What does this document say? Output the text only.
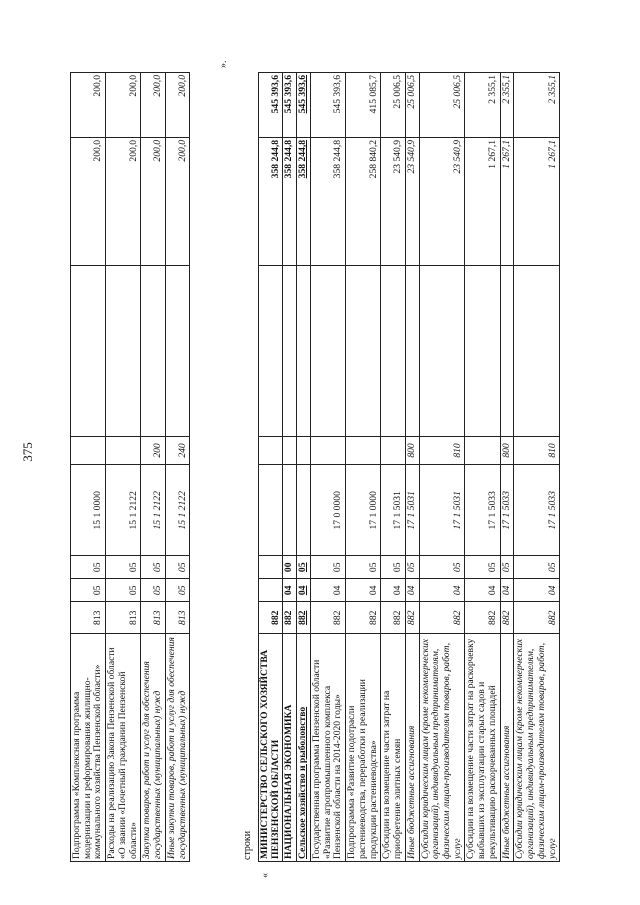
375
Подпрограмма «Комплексная программа модернизации и реформирования жилищно-коммунального хозяйства Пензенской области»	813	05	05	15 1 0000			200,0	200,0
Расходы на реализацию Закона Пензенской области «О звании «Почетный гражданин Пензенской области»	813	05	05	15 1 2122			200,0	200,0
Закупка товаров, работ и услуг для обеспечения государственных (муниципальных) нужд	813	05	05	15 1 2122	200		200,0	200,0
Иные закупки товаров, работ и услуг для обеспечения государственных (муниципальных) нужд	813	05	05	15 1 2122	240		200,0	200,0
».
строки
«
МИНИСТЕРСТВО СЕЛЬСКОГО ХОЗЯЙСТВА ПЕНЗЕНСКОЙ ОБЛАСТИ	882						358 244,8	545 393,6
НАЦИОНАЛЬНАЯ ЭКОНОМИКА	882	04	00				358 244,8	545 393,6
Сельское хозяйство и рыболовство	882	04	05				358 244,8	545 393,6
Государственная программа Пензенской области «Развитие агропромышленного комплекса Пензенской области на 2014-2020 годы»	882	04	05	17 0 0000			358 244,8	545 393,6
Подпрограмма «Развитие подотрасли растениеводства, переработки и реализации продукции растениеводства»	882	04	05	17 1 0000			258 840,2	415 085,7
Субсидии на возмещение части затрат на приобретение элитных семян	882	04	05	17 1 5031			23 540,9	25 006,5
Иные бюджетные ассигнования	882	04	05	17 1 5031	800		23 540,9	25 006,5
Субсидии юридическим лицам (кроме некоммерческих организаций), индивидуальным предпринимателям, физическим лицам-производителям товаров, работ, услуг	882	04	05	17 1 5031	810		23 540,9	25 006,5
Субсидии на возмещение части затрат на раскорчевку выбывших из эксплуатации старых садов и рекультивацию раскорчеванных площадей	882	04	05	17 1 5033			1 267,1	2 355,1
Иные бюджетные ассигнования	882	04	05	17 1 5033	800		1 267,1	2 355,1
Субсидии юридическим лицам (кроме некоммерческих организаций), индивидуальным предпринимателям, физическим лицам-производителям товаров, работ, услуг	882	04	05	17 1 5033	810		1 267,1	2 355,1
